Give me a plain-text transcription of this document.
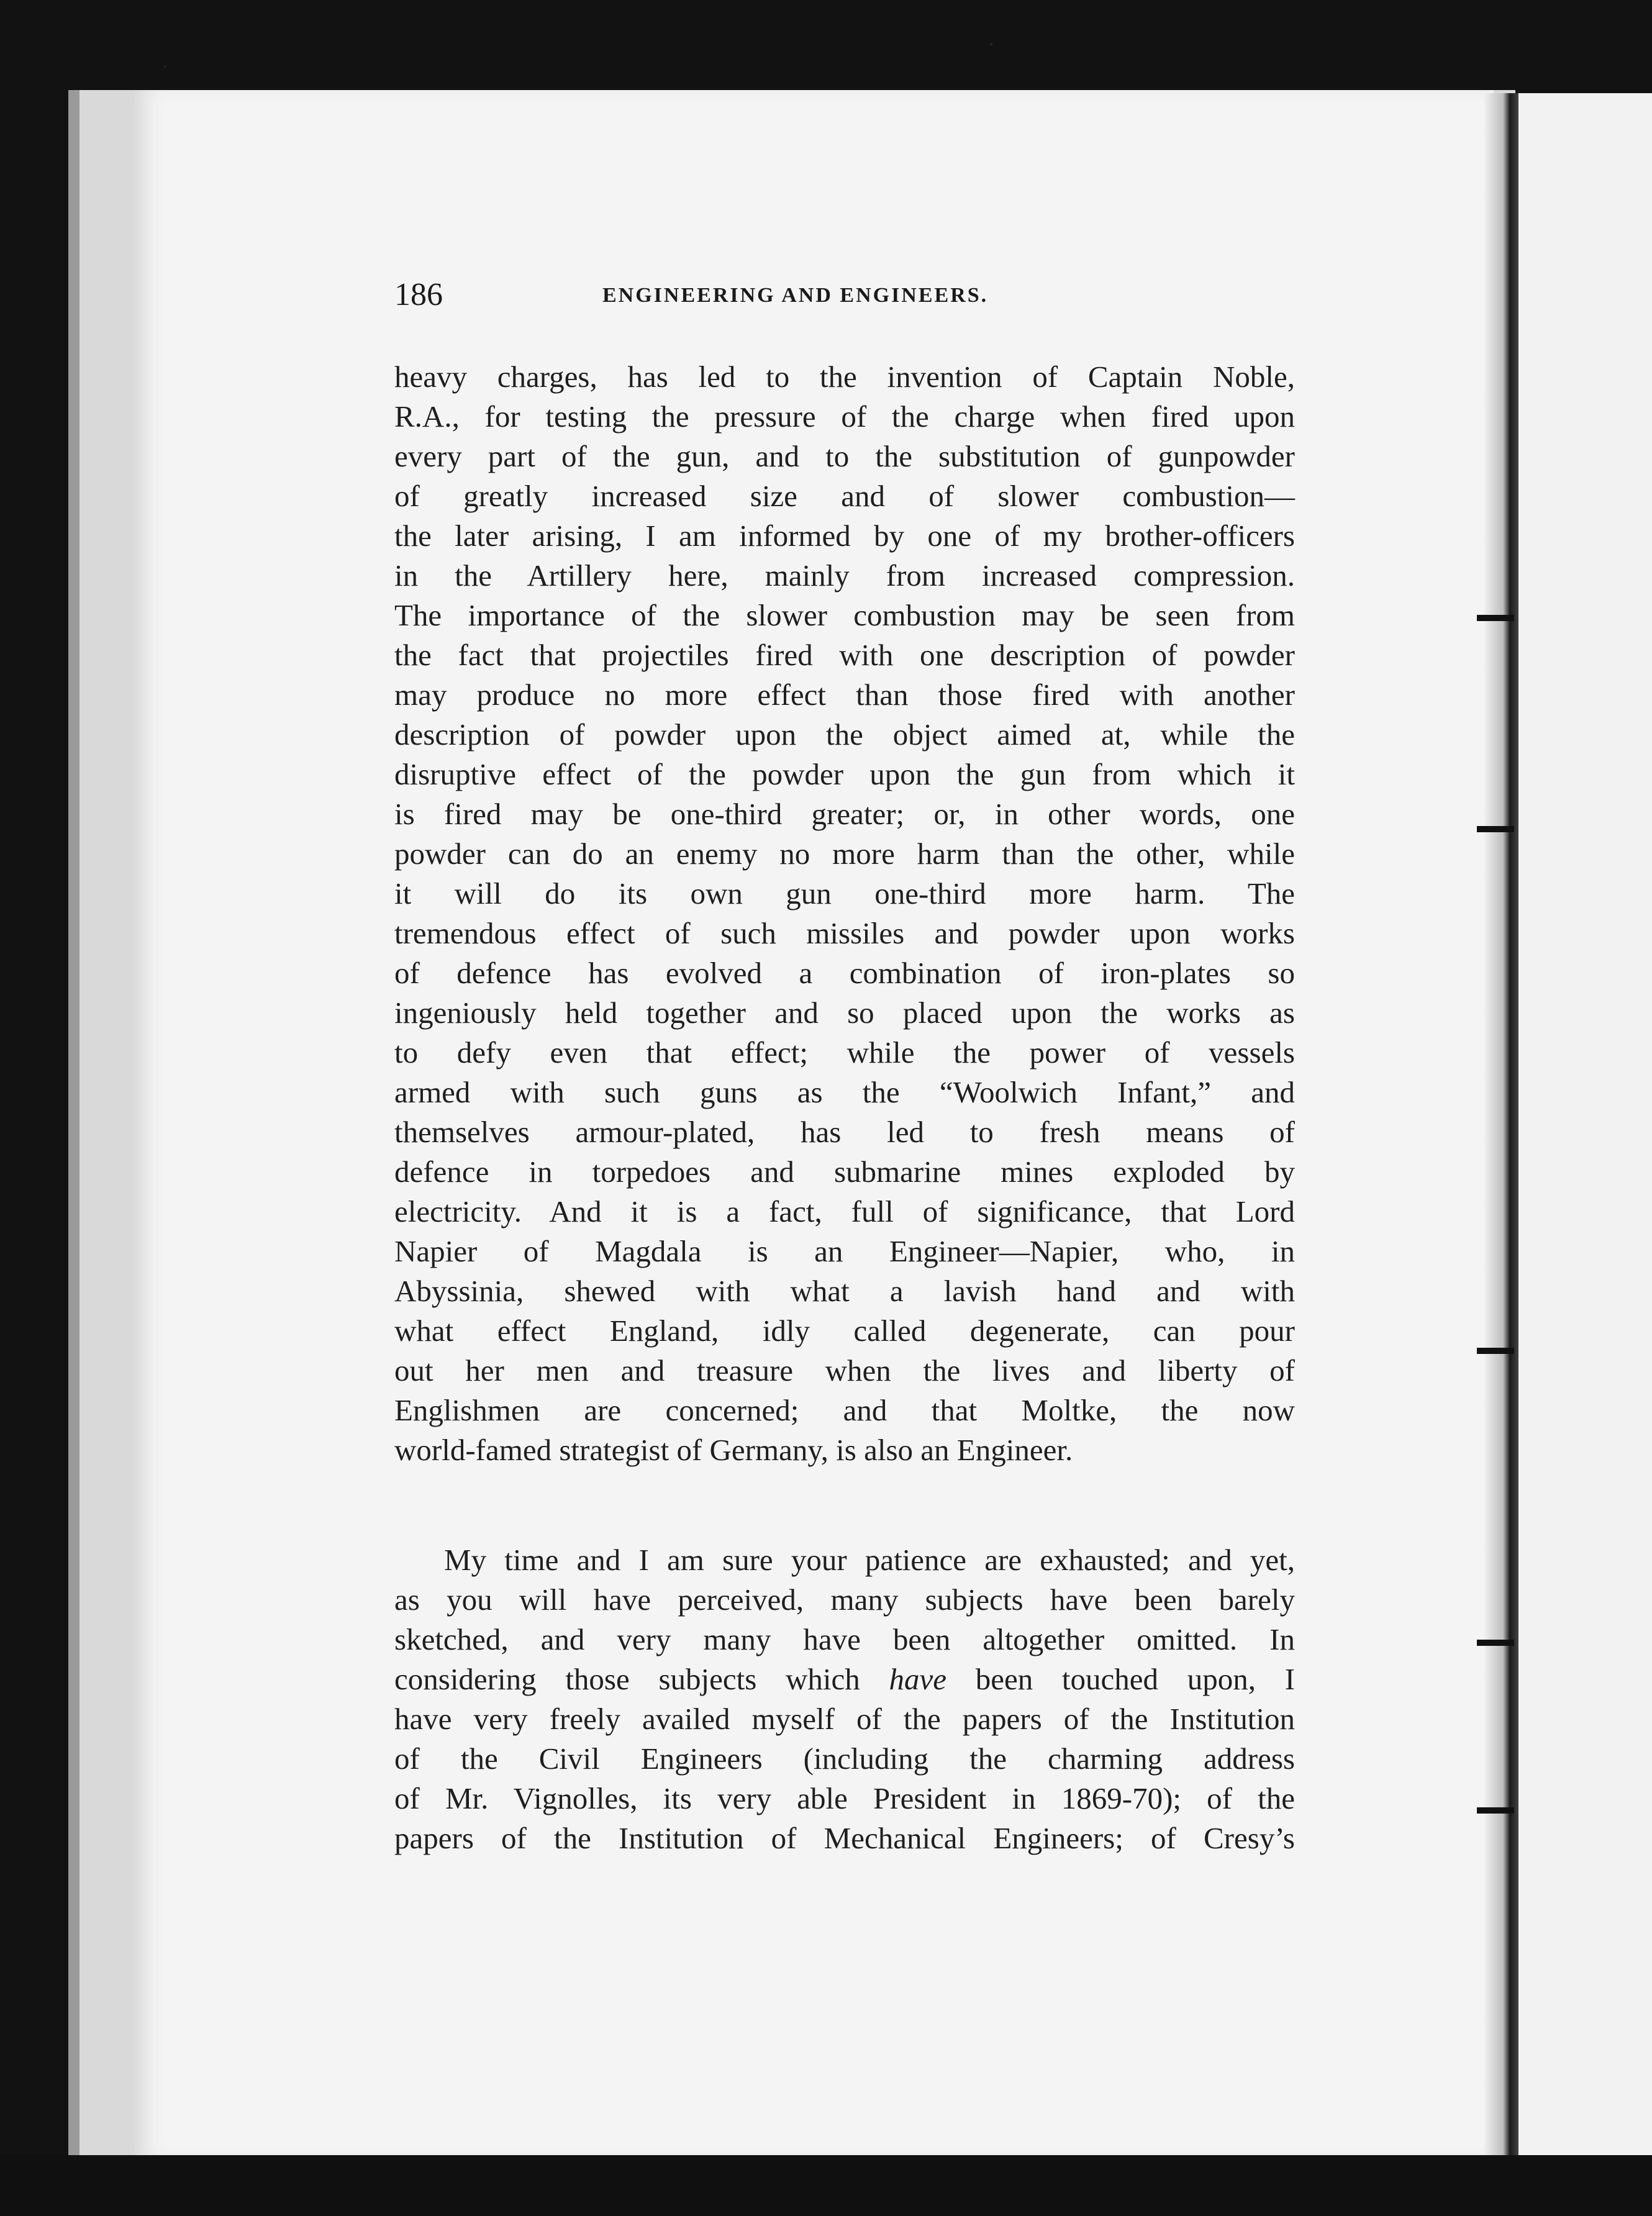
186	ENGINEERING AND ENGINEERS.
heavy charges, has led to the invention of Captain Noble,
R.A., for testing the pressure of the charge when fired upon
every part of the gun, and to the substitution of gunpowder
of greatly increased size and of slower combustion—
the later arising, I am informed by one of my brother-officers
in the Artillery here, mainly from increased compression.
The importance of the slower combustion may be seen from
the fact that projectiles fired with one description of powder
may produce no more effect than those fired with another
description of powder upon the object aimed at, while the
disruptive effect of the powder upon the gun from which it
is fired may be one-third greater; or, in other words, one
powder can do an enemy no more harm than the other, while
it will do its own gun one-third more harm. The
tremendous effect of such missiles and powder upon works
of defence has evolved a combination of iron-plates so
ingeniously held together and so placed upon the works as
to defy even that effect; while the power of vessels
armed with such guns as the “Woolwich Infant,” and
themselves armour-plated, has led to fresh means of
defence in torpedoes and submarine mines exploded by
electricity. And it is a fact, full of significance, that Lord
Napier of Magdala is an Engineer—Napier, who, in
Abyssinia, shewed with what a lavish hand and with
what effect England, idly called degenerate, can pour
out her men and treasure when the lives and liberty of
Englishmen are concerned; and that Moltke, the now
world-famed strategist of Germany, is also an Engineer.
My time and I am sure your patience are exhausted; and yet,
as you will have perceived, many subjects have been barely
sketched, and very many have been altogether omitted. In
considering those subjects which have been touched upon, I
have very freely availed myself of the papers of the Institution
of the Civil Engineers (including the charming address
of Mr. Vignolles, its very able President in 1869-70); of the
papers of the Institution of Mechanical Engineers; of Cresy’s
